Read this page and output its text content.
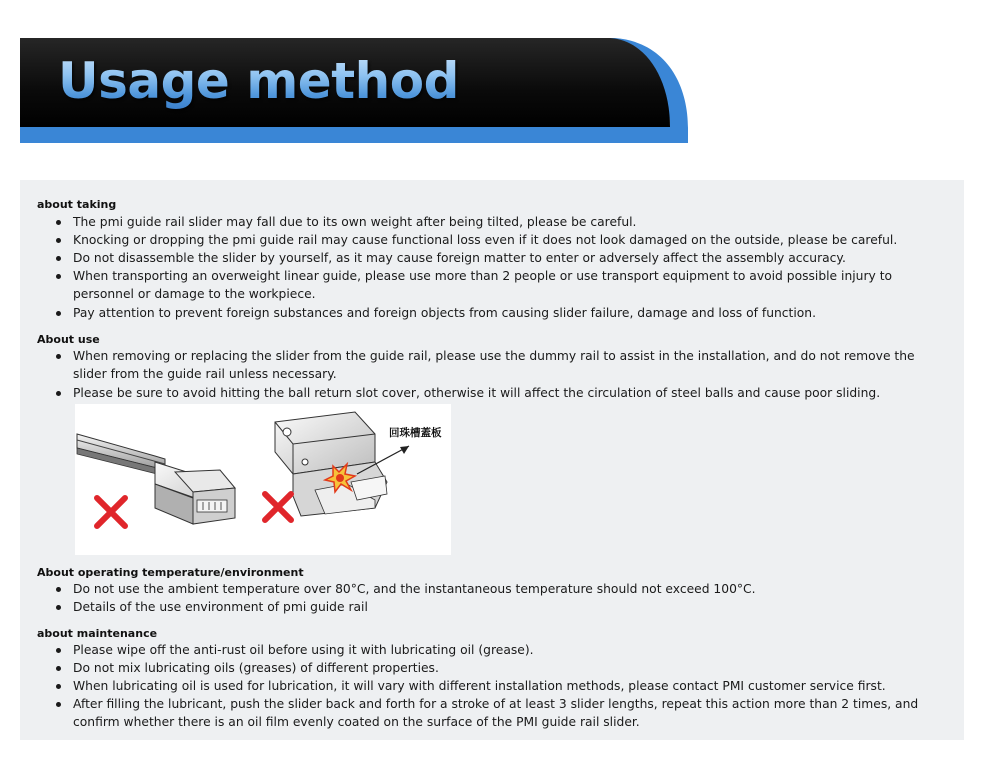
Usage method
about taking
The pmi guide rail slider may fall due to its own weight after being tilted, please be careful.
Knocking or dropping the pmi guide rail may cause functional loss even if it does not look damaged on the outside, please be careful.
Do not disassemble the slider by yourself, as it may cause foreign matter to enter or adversely affect the assembly accuracy.
When transporting an overweight linear guide, please use more than 2 people or use transport equipment to avoid possible injury to personnel or damage to the workpiece.
Pay attention to prevent foreign substances and foreign objects from causing slider failure, damage and loss of function.
About use
When removing or replacing the slider from the guide rail, please use the dummy rail to assist in the installation, and do not remove the slider from the guide rail unless necessary.
Please be sure to avoid hitting the ball return slot cover, otherwise it will affect the circulation of steel balls and cause poor sliding.
回珠槽蓋板
About operating temperature/environment
Do not use the ambient temperature over 80°C, and the instantaneous temperature should not exceed 100°C.
Details of the use environment of pmi guide rail
about maintenance
Please wipe off the anti-rust oil before using it with lubricating oil (grease).
Do not mix lubricating oils (greases) of different properties.
When lubricating oil is used for lubrication, it will vary with different installation methods, please contact PMI customer service first.
After filling the lubricant, push the slider back and forth for a stroke of at least 3 slider lengths, repeat this action more than 2 times, and confirm whether there is an oil film evenly coated on the surface of the PMI guide rail slider.
